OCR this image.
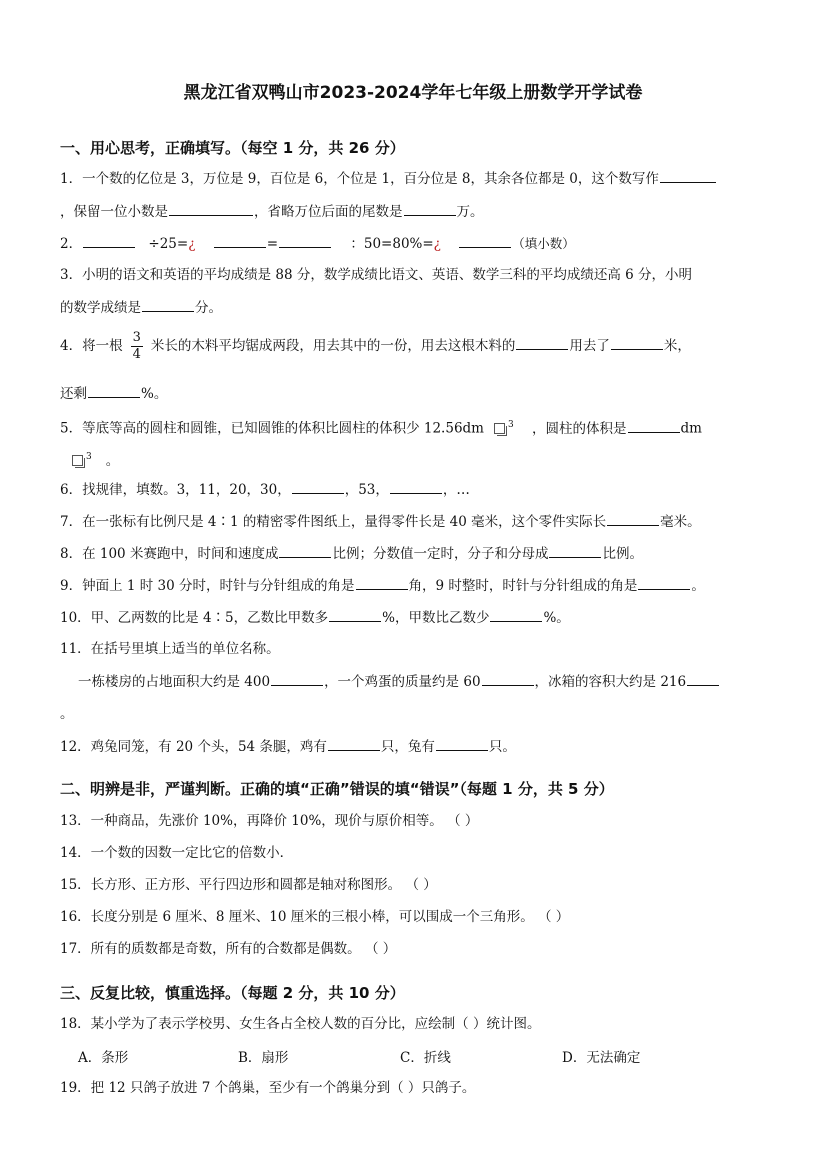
黑龙江省双鸭山市2023-2024学年七年级上册数学开学试卷
一、用心思考，正确填写。（每空 1 分，共 26 分）
1．一个数的亿位是 3，万位是 9，百位是 6，个位是 1，百分位是 8，其余各位都是 0，这个数写作
，保留一位小数是	，省略万位后面的尾数是	万。
2．	÷25=¿	=	：50=80%=¿	（填小数）
3．小明的语文和英语的平均成绩是 88 分，数学成绩比语文、英语、数学三科的平均成绩还高 6 分，小明
的数学成绩是	分。
4．将一根 $\frac{3}{4}$ 米长的木料平均锯成两段，用去其中的一份，用去这根木料的	用去了	米，
还剩	%。
5．等底等高的圆柱和圆锥，已知圆锥的体积比圆柱的体积少 12.56dm	$^3$ ，圆柱的体积是	dm
$^3$ 。
6．找规律，填数。3，11，20，30，	，53，	，…
7．在一张标有比例尺是 4∶1 的精密零件图纸上，量得零件长是 40 毫米，这个零件实际长	毫米。
8．在 100 米赛跑中，时间和速度成	比例；分数值一定时，分子和分母成	比例。
9．钟面上 1 时 30 分时，时针与分针组成的角是	角，9 时整时，时针与分针组成的角是	。
10．甲、乙两数的比是 4∶5，乙数比甲数多	%，甲数比乙数少	%。
11．在括号里填上适当的单位名称。
一栋楼房的占地面积大约是 400	，一个鸡蛋的质量约是 60	，冰箱的容积大约是 216
。
12．鸡兔同笼，有 20 个头，54 条腿，鸡有	只，兔有	只。
二、明辨是非，严谨判断。正确的填“正确”错误的填“错误”（每题 1 分，共 5 分）
13．一种商品，先涨价 10%，再降价 10%，现价与原价相等。 （ ）
14．一个数的因数一定比它的倍数小．
15．长方形、正方形、平行四边形和圆都是轴对称图形。 （ ）
16．长度分别是 6 厘米、8 厘米、10 厘米的三根小棒，可以围成一个三角形。 （ ）
17．所有的质数都是奇数，所有的合数都是偶数。 （ ）
三、反复比较，慎重选择。（每题 2 分，共 10 分）
18．某小学为了表示学校男、女生各占全校人数的百分比，应绘制（ ）统计图。
A．条形	B．扇形	C．折线	D．无法确定
19．把 12 只鸽子放进 7 个鸽巢，至少有一个鸽巢分到（ ）只鸽子。
